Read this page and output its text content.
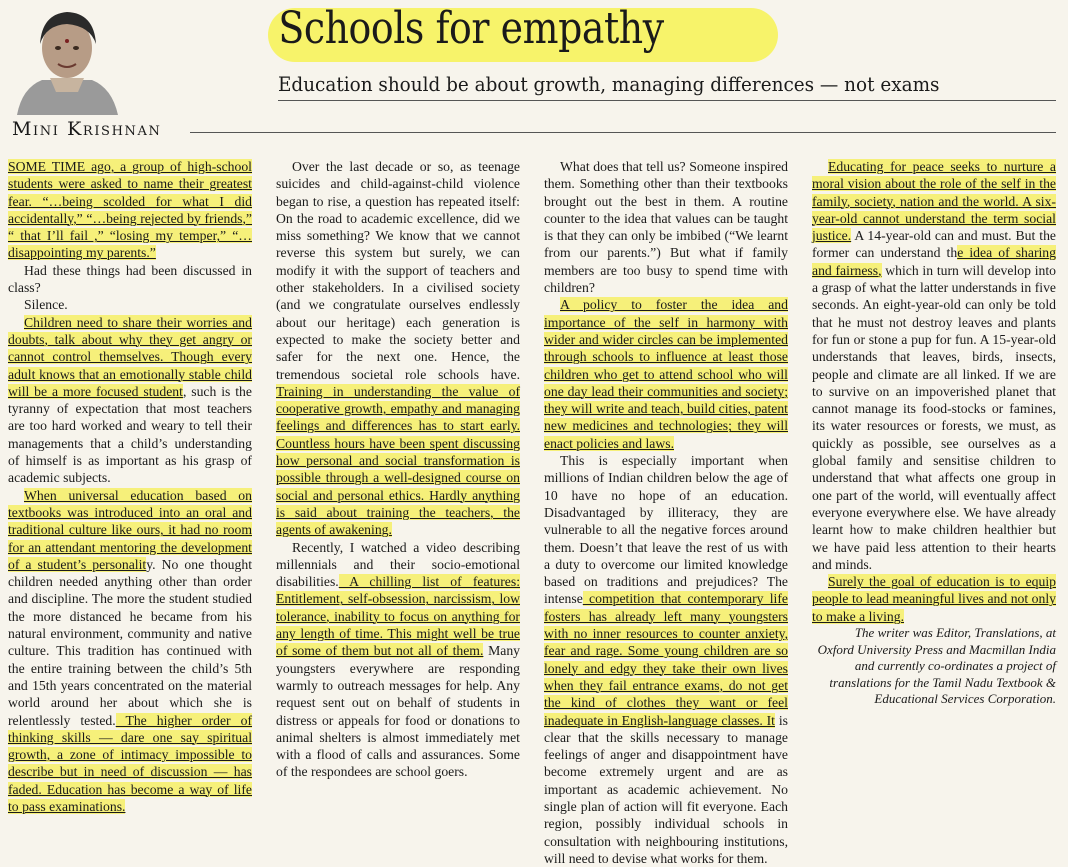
Schools for empathy
Education should be about growth, managing differences — not exams
Mini Krishnan

SOME TIME ago, a group of high-school students were asked to name their greatest fear. “…being scolded for what I did accidentally,” “…being rejected by friends,” “ that I’ll fail ,” “losing my temper,” “…disappointing my parents.”

Had these things had been discussed in class?

Silence.

Children need to share their worries and doubts, talk about why they get angry or cannot control themselves. Though every adult knows that an emotionally stable child will be a more focused student, such is the tyranny of expectation that most teachers are too hard worked and weary to tell their managements that a child’s understanding of himself is as important as his grasp of academic subjects.

When universal education based on textbooks was introduced into an oral and traditional culture like ours, it had no room for an attendant mentoring the development of a student’s personality. No one thought children needed anything other than order and discipline. The more the student studied the more distanced he became from his natural environment, community and native culture. This tradition has continued with the entire training between the child’s 5th and 15th years concentrated on the material world around her about which she is relentlessly tested. The higher order of thinking skills — dare one say spiritual growth, a zone of intimacy impossible to describe but in need of discussion — has faded. Education has become a way of life to pass examinations.

Over the last decade or so, as teenage suicides and child-against-child violence began to rise, a question has repeated itself: On the road to academic excellence, did we miss something? We know that we cannot reverse this system but surely, we can modify it with the support of teachers and other stakeholders. In a civilised society (and we congratulate ourselves endlessly about our heritage) each generation is expected to make the society better and safer for the next one. Hence, the tremendous societal role schools have. Training in understanding the value of cooperative growth, empathy and managing feelings and differences has to start early. Countless hours have been spent discussing how personal and social transformation is possible through a well-designed course on social and personal ethics. Hardly anything is said about training the teachers, the agents of awakening.

Recently, I watched a video describing millennials and their socio-emotional disabilities. A chilling list of features: Entitlement, self-obsession, narcissism, low tolerance, inability to focus on anything for any length of time. This might well be true of some of them but not all of them. Many youngsters everywhere are responding warmly to outreach messages for help. Any request sent out on behalf of students in distress or appeals for food or donations to animal shelters is almost immediately met with a flood of calls and assurances. Some of the respondees are school goers.

What does that tell us? Someone inspired them. Something other than their textbooks brought out the best in them. A routine counter to the idea that values can be taught is that they can only be imbibed (“We learnt from our parents.”) But what if family members are too busy to spend time with children?

A policy to foster the idea and importance of the self in harmony with wider and wider circles can be implemented through schools to influence at least those children who get to attend school who will one day lead their communities and society; they will write and teach, build cities, patent new medicines and technologies; they will enact policies and laws.

This is especially important when millions of Indian children below the age of 10 have no hope of an education. Disadvantaged by illiteracy, they are vulnerable to all the negative forces around them. Doesn’t that leave the rest of us with a duty to overcome our limited knowledge based on traditions and prejudices? The intense competition that contemporary life fosters has already left many youngsters with no inner resources to counter anxiety, fear and rage. Some young children are so lonely and edgy they take their own lives when they fail entrance exams, do not get the kind of clothes they want or feel inadequate in English-language classes. It is clear that the skills necessary to manage feelings of anger and disappointment have become extremely urgent and are as important as academic achievement. No single plan of action will fit everyone. Each region, possibly individual schools in consultation with neighbouring institutions, will need to devise what works for them.

Educating for peace seeks to nurture a moral vision about the role of the self in the family, society, nation and the world. A six-year-old cannot understand the term social justice. A 14-year-old can and must. But the former can understand the idea of sharing and fairness, which in turn will develop into a grasp of what the latter understands in five seconds. An eight-year-old can only be told that he must not destroy leaves and plants for fun or stone a pup for fun. A 15-year-old understands that leaves, birds, insects, people and climate are all linked. If we are to survive on an impoverished planet that cannot manage its food-stocks or famines, its water resources or forests, we must, as quickly as possible, see ourselves as a global family and sensitise children to understand that what affects one group in one part of the world, will eventually affect everyone everywhere else. We have already learnt how to make children healthier but we have paid less attention to their hearts and minds.

Surely the goal of education is to equip people to lead meaningful lives and not only to make a living.

The writer was Editor, Translations, at Oxford University Press and Macmillan India and currently co-ordinates a project of translations for the Tamil Nadu Textbook & Educational Services Corporation.
